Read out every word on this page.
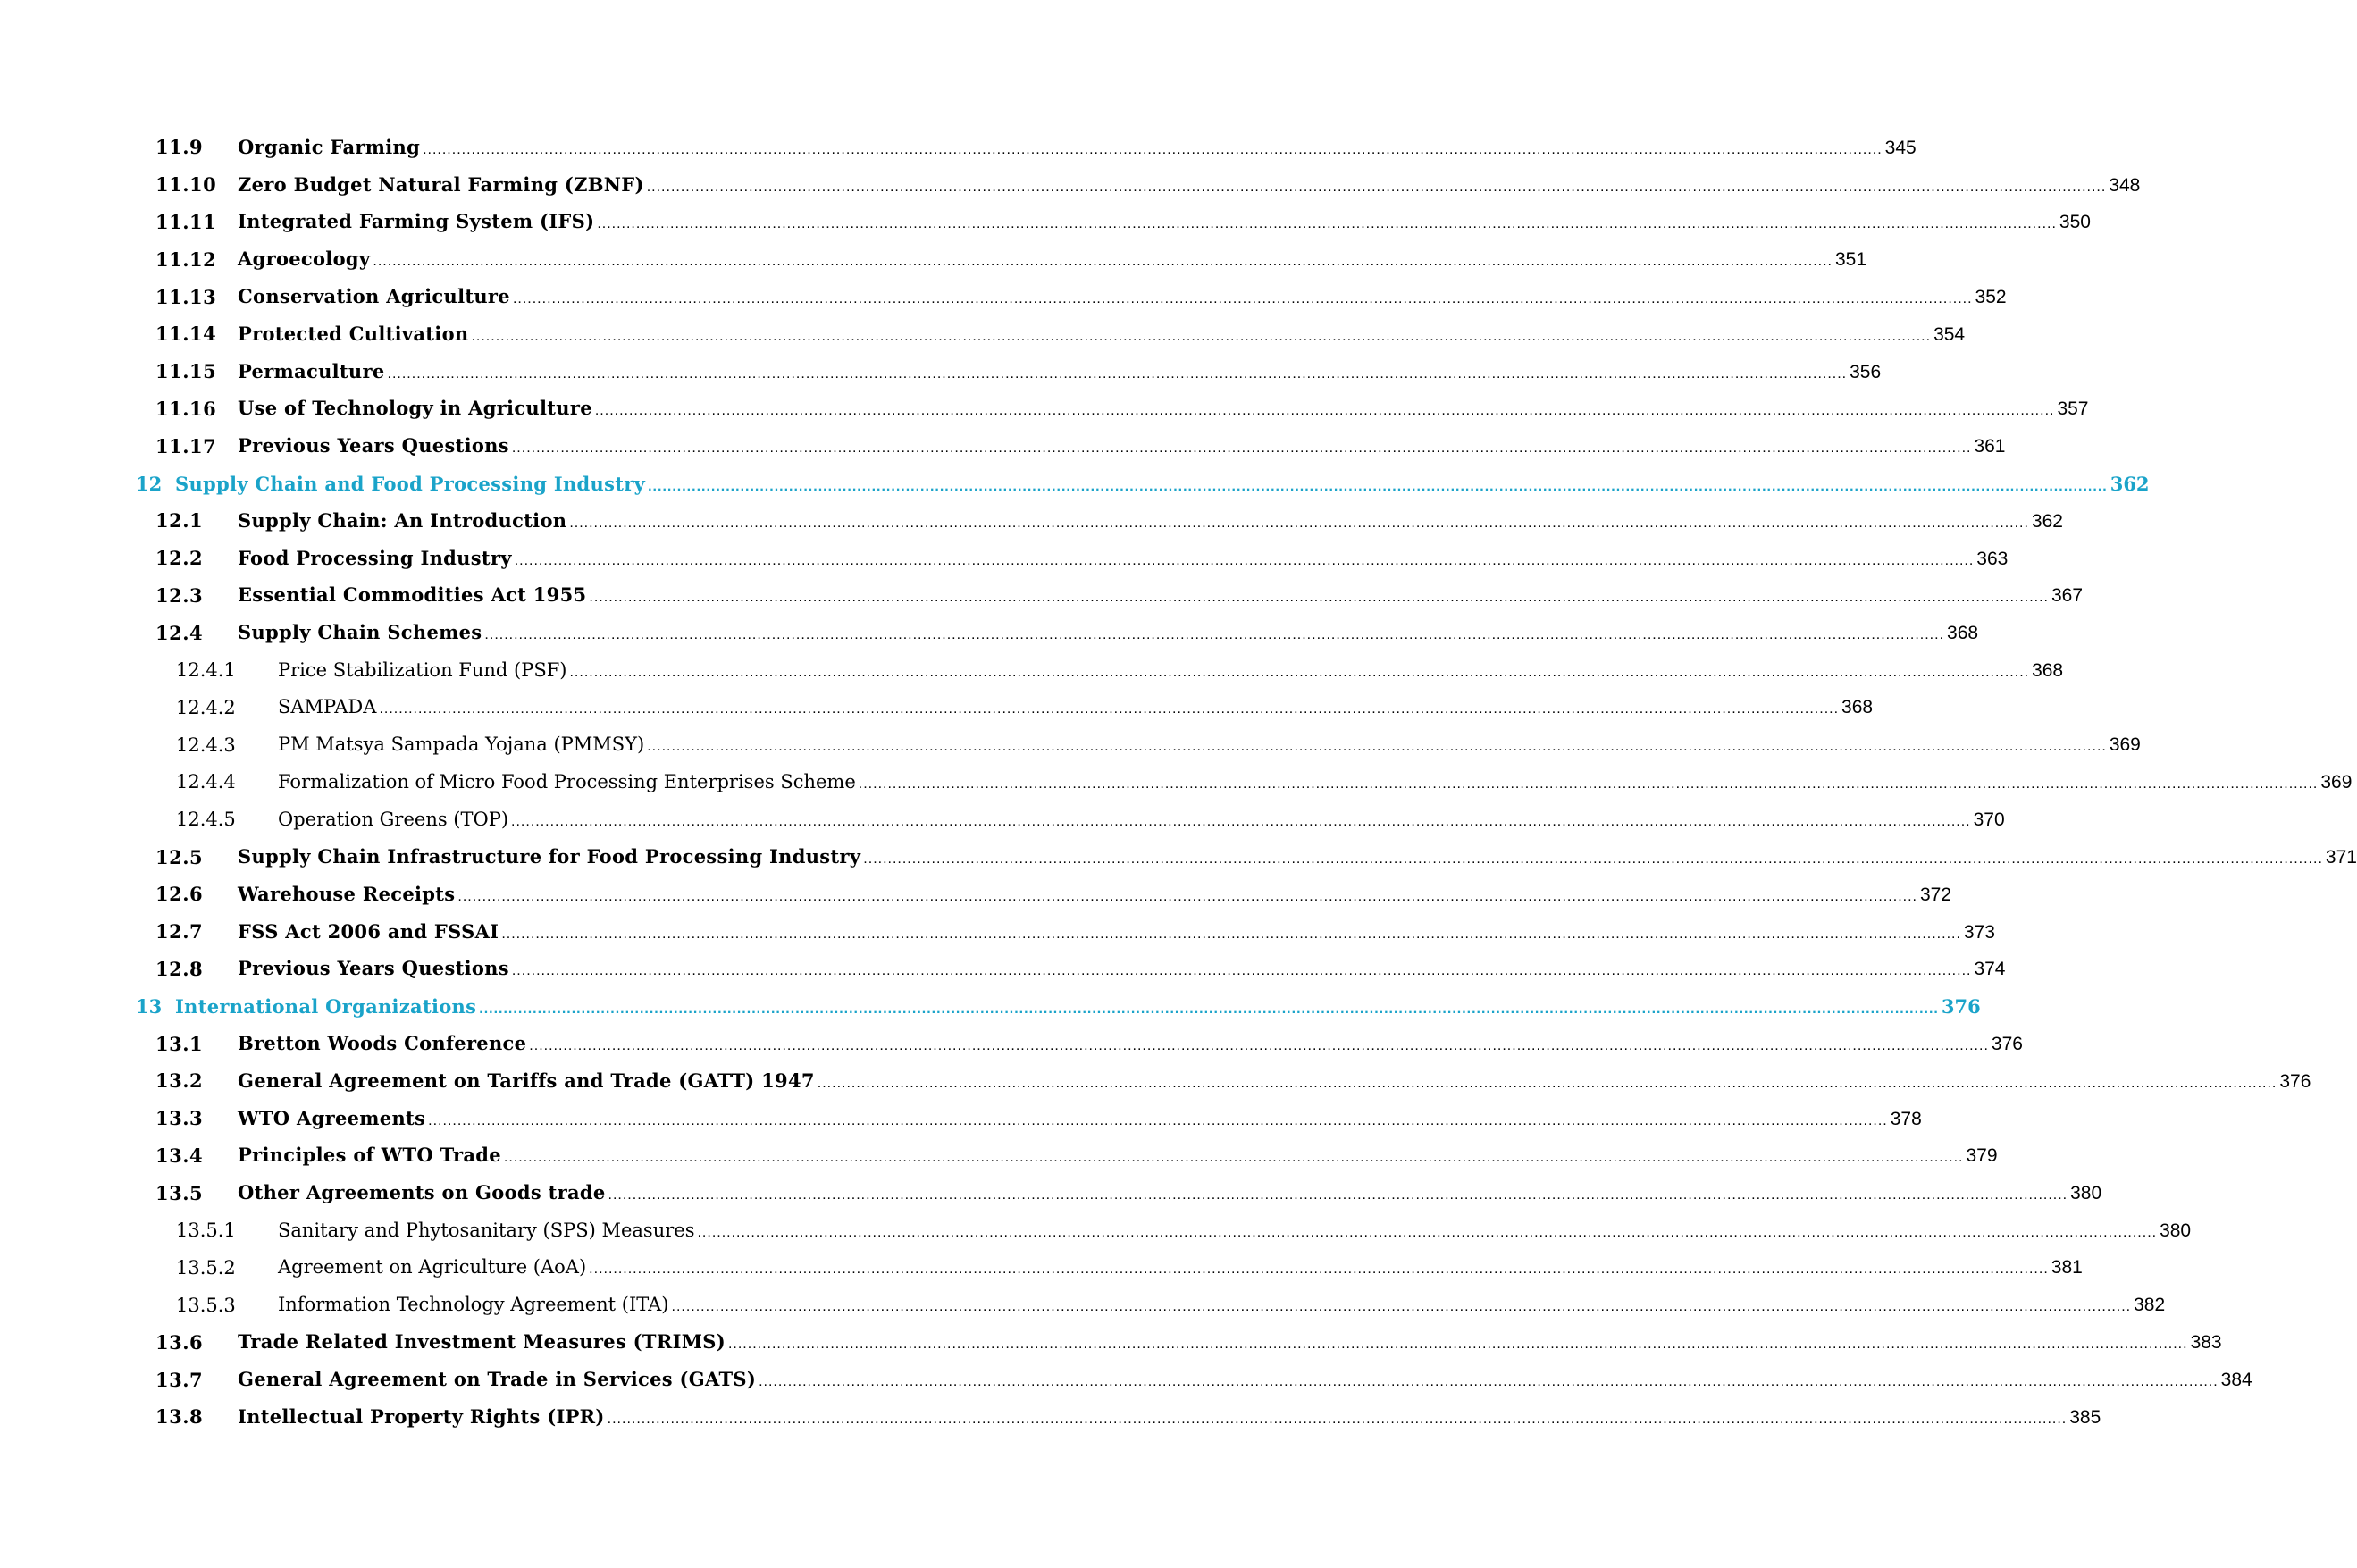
11.9 Organic Farming ............................................................................................................................................................................................................................................................................................................ 345
11.10 Zero Budget Natural Farming (ZBNF) ............................................................................................................................................................................................................................................................................................................ 348
11.11 Integrated Farming System (IFS) ............................................................................................................................................................................................................................................................................................................ 350
11.12 Agroecology ............................................................................................................................................................................................................................................................................................................ 351
11.13 Conservation Agriculture ............................................................................................................................................................................................................................................................................................................ 352
11.14 Protected Cultivation ............................................................................................................................................................................................................................................................................................................ 354
11.15 Permaculture ............................................................................................................................................................................................................................................................................................................ 356
11.16 Use of Technology in Agriculture ............................................................................................................................................................................................................................................................................................................ 357
11.17 Previous Years Questions ............................................................................................................................................................................................................................................................................................................ 361
12 Supply Chain and Food Processing Industry ............................................................................................................................................................................................................................................................................................................ 362
12.1 Supply Chain: An Introduction ............................................................................................................................................................................................................................................................................................................ 362
12.2 Food Processing Industry ............................................................................................................................................................................................................................................................................................................ 363
12.3 Essential Commodities Act 1955 ............................................................................................................................................................................................................................................................................................................ 367
12.4 Supply Chain Schemes ............................................................................................................................................................................................................................................................................................................ 368
12.4.1 Price Stabilization Fund (PSF) ............................................................................................................................................................................................................................................................................................................ 368
12.4.2 SAMPADA ............................................................................................................................................................................................................................................................................................................ 368
12.4.3 PM Matsya Sampada Yojana (PMMSY) ............................................................................................................................................................................................................................................................................................................ 369
12.4.4 Formalization of Micro Food Processing Enterprises Scheme ............................................................................................................................................................................................................................................................................................................ 369
12.4.5 Operation Greens (TOP) ............................................................................................................................................................................................................................................................................................................ 370
12.5 Supply Chain Infrastructure for Food Processing Industry ............................................................................................................................................................................................................................................................................................................ 371
12.6 Warehouse Receipts ............................................................................................................................................................................................................................................................................................................ 372
12.7 FSS Act 2006 and FSSAI ............................................................................................................................................................................................................................................................................................................ 373
12.8 Previous Years Questions ............................................................................................................................................................................................................................................................................................................ 374
13 International Organizations ............................................................................................................................................................................................................................................................................................................ 376
13.1 Bretton Woods Conference ............................................................................................................................................................................................................................................................................................................ 376
13.2 General Agreement on Tariffs and Trade (GATT) 1947 ............................................................................................................................................................................................................................................................................................................ 376
13.3 WTO Agreements ............................................................................................................................................................................................................................................................................................................ 378
13.4 Principles of WTO Trade ............................................................................................................................................................................................................................................................................................................ 379
13.5 Other Agreements on Goods trade ............................................................................................................................................................................................................................................................................................................ 380
13.5.1 Sanitary and Phytosanitary (SPS) Measures ............................................................................................................................................................................................................................................................................................................ 380
13.5.2 Agreement on Agriculture (AoA) ............................................................................................................................................................................................................................................................................................................ 381
13.5.3 Information Technology Agreement (ITA) ............................................................................................................................................................................................................................................................................................................ 382
13.6 Trade Related Investment Measures (TRIMS) ............................................................................................................................................................................................................................................................................................................ 383
13.7 General Agreement on Trade in Services (GATS) ............................................................................................................................................................................................................................................................................................................ 384
13.8 Intellectual Property Rights (IPR) ............................................................................................................................................................................................................................................................................................................ 385
